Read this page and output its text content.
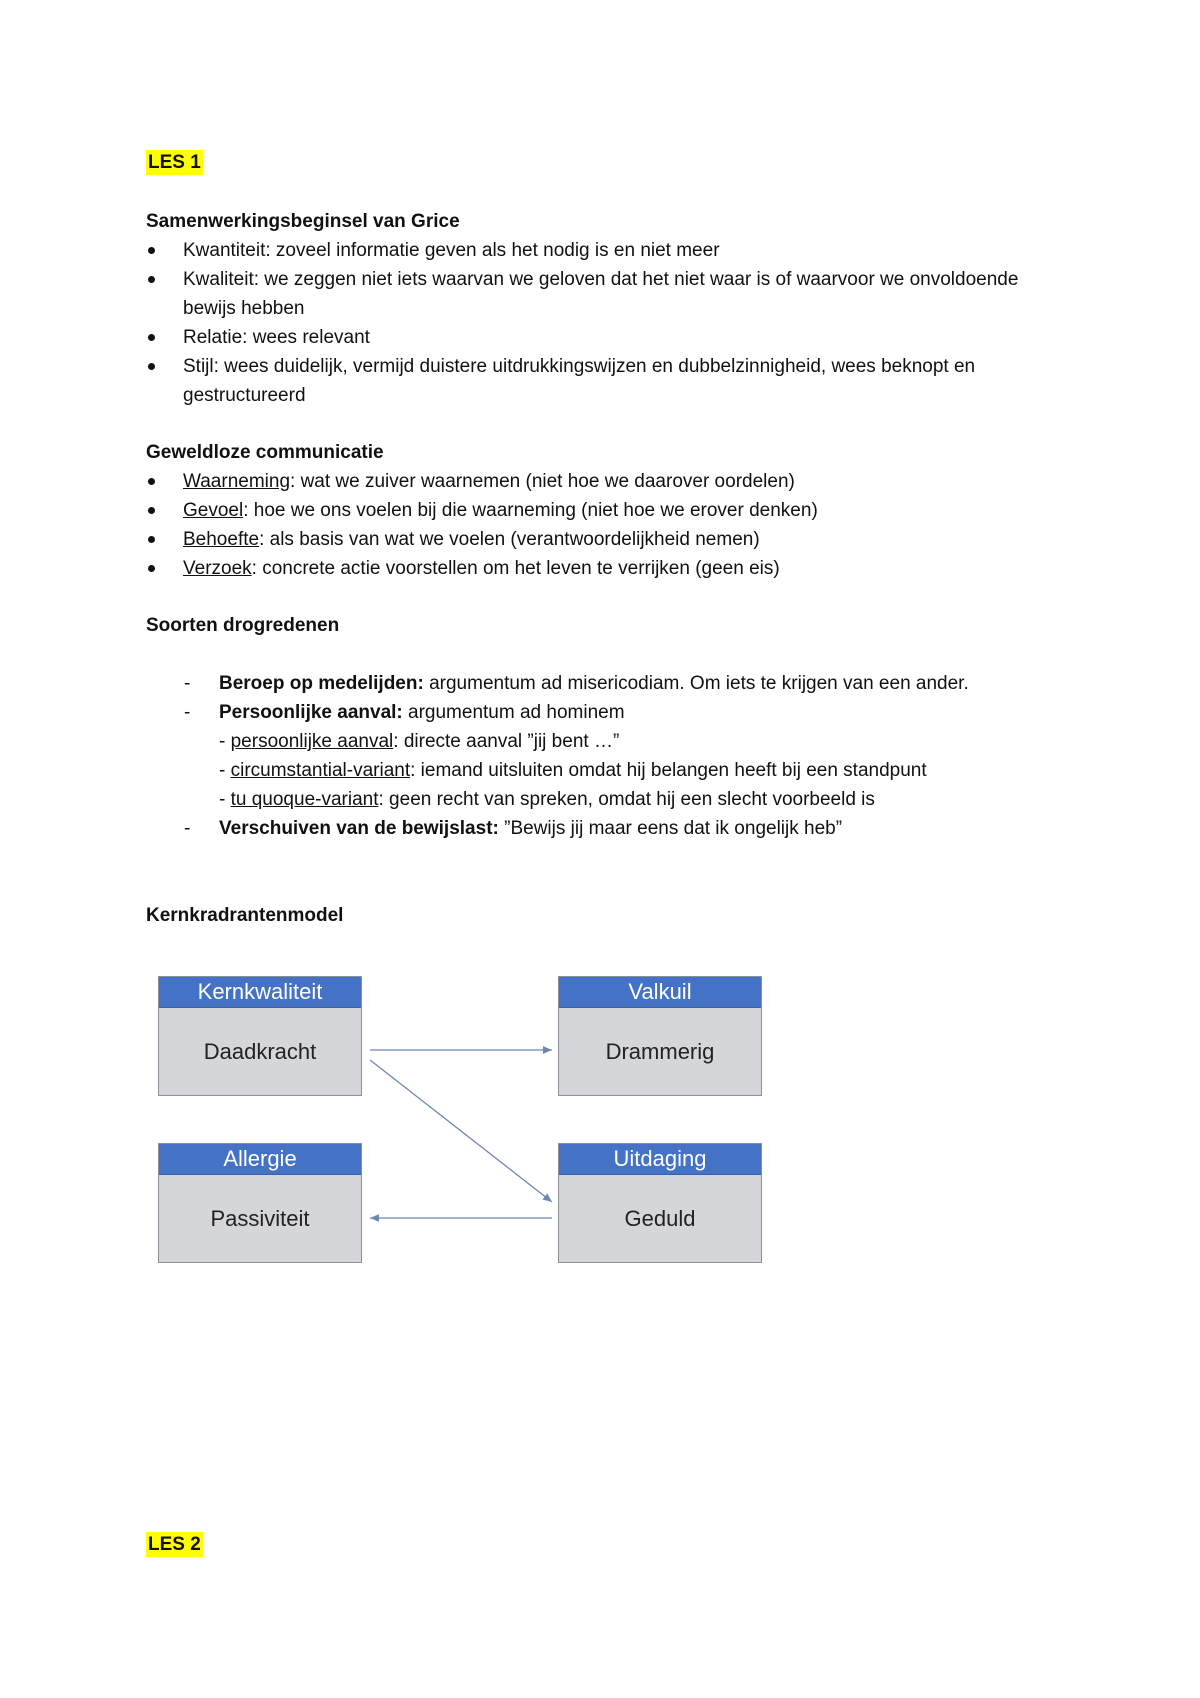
LES 1
Samenwerkingsbeginsel van Grice
Kwantiteit: zoveel informatie geven als het nodig is en niet meer
Kwaliteit: we zeggen niet iets waarvan we geloven dat het niet waar is of waarvoor we onvoldoende bewijs hebben
Relatie: wees relevant
Stijl: wees duidelijk, vermijd duistere uitdrukkingswijzen en dubbelzinnigheid, wees beknopt en gestructureerd
Geweldloze communicatie
Waarneming: wat we zuiver waarnemen (niet hoe we daarover oordelen)
Gevoel: hoe we ons voelen bij die waarneming (niet hoe we erover denken)
Behoefte: als basis van wat we voelen (verantwoordelijkheid nemen)
Verzoek: concrete actie voorstellen om het leven te verrijken (geen eis)
Soorten drogredenen
- Beroep op medelijden: argumentum ad misericodiam. Om iets te krijgen van een ander.
- Persoonlijke aanval: argumentum ad hominem
- persoonlijke aanval: directe aanval ”jij bent …”
- circumstantial-variant: iemand uitsluiten omdat hij belangen heeft bij een standpunt
- tu quoque-variant: geen recht van spreken, omdat hij een slecht voorbeeld is
- Verschuiven van de bewijslast: ”Bewijs jij maar eens dat ik ongelijk heb”
Kernkradrantenmodel
Kernkwaliteit
Daadkracht
Valkuil
Drammerig
Allergie
Passiviteit
Uitdaging
Geduld
LES 2
